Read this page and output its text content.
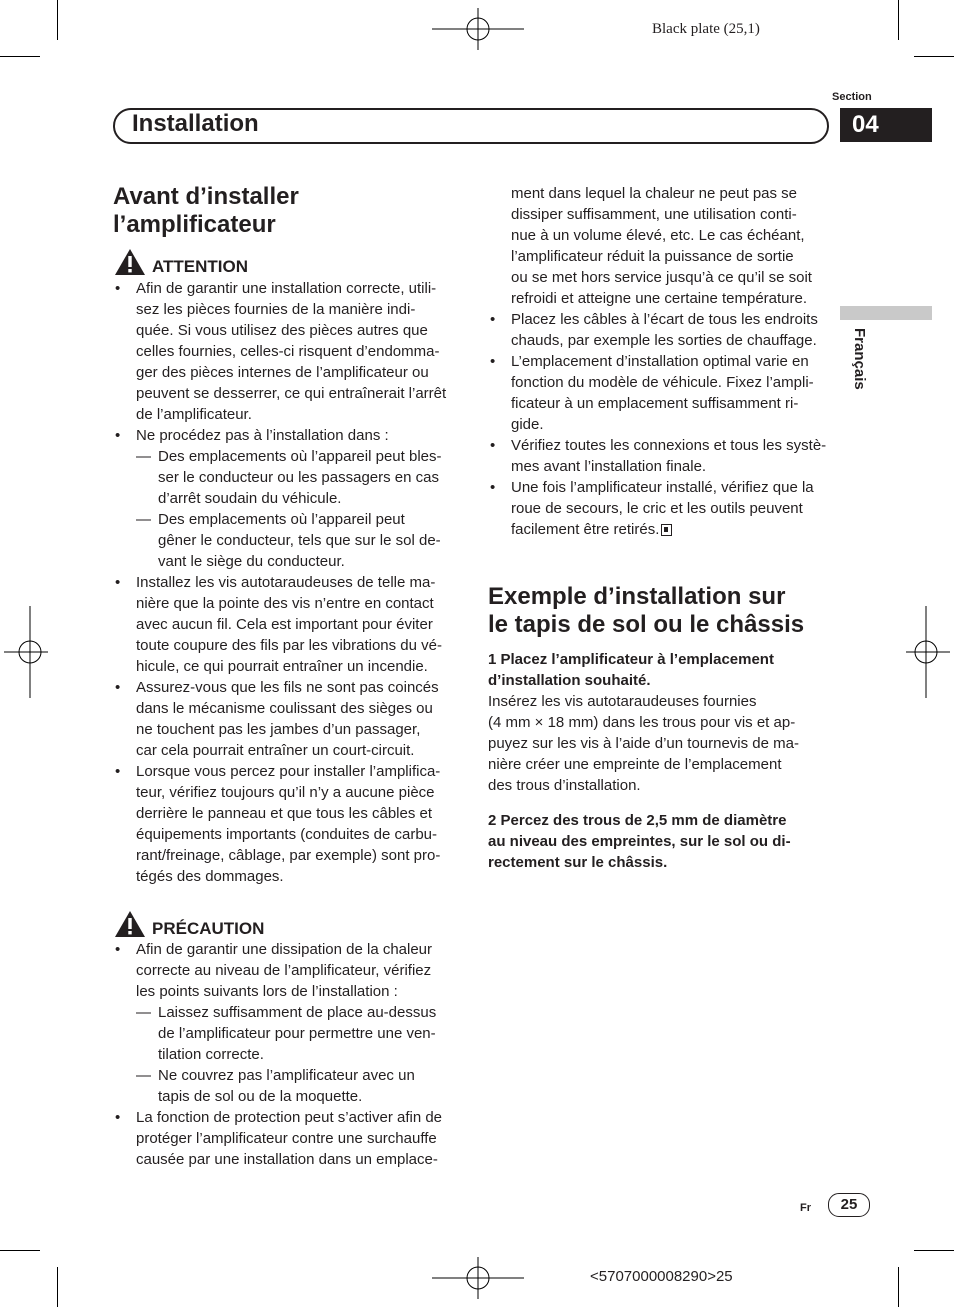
Black plate (25,1)
Section
Installation	04
Français
Avant d’installer
l’amplificateur
ATTENTION
• Afin de garantir une installation correcte, utili-
sez les pièces fournies de la manière indi-
quée. Si vous utilisez des pièces autres que
celles fournies, celles-ci risquent d’endomma-
ger des pièces internes de l’amplificateur ou
peuvent se desserrer, ce qui entraînerait l’arrêt
de l’amplificateur.
• Ne procédez pas à l’installation dans :
— Des emplacements où l’appareil peut bles-
ser le conducteur ou les passagers en cas
d’arrêt soudain du véhicule.
— Des emplacements où l’appareil peut
gêner le conducteur, tels que sur le sol de-
vant le siège du conducteur.
• Installez les vis autotaraudeuses de telle ma-
nière que la pointe des vis n’entre en contact
avec aucun fil. Cela est important pour éviter
toute coupure des fils par les vibrations du vé-
hicule, ce qui pourrait entraîner un incendie.
• Assurez-vous que les fils ne sont pas coincés
dans le mécanisme coulissant des sièges ou
ne touchent pas les jambes d’un passager,
car cela pourrait entraîner un court-circuit.
• Lorsque vous percez pour installer l’amplifica-
teur, vérifiez toujours qu’il n’y a aucune pièce
derrière le panneau et que tous les câbles et
équipements importants (conduites de carbu-
rant/freinage, câblage, par exemple) sont pro-
tégés des dommages.
PRÉCAUTION
• Afin de garantir une dissipation de la chaleur
correcte au niveau de l’amplificateur, vérifiez
les points suivants lors de l’installation :
— Laissez suffisamment de place au-dessus
de l’amplificateur pour permettre une ven-
tilation correcte.
— Ne couvrez pas l’amplificateur avec un
tapis de sol ou de la moquette.
• La fonction de protection peut s’activer afin de
protéger l’amplificateur contre une surchauffe
causée par une installation dans un emplace-

ment dans lequel la chaleur ne peut pas se
dissiper suffisamment, une utilisation conti-
nue à un volume élevé, etc. Le cas échéant,
l’amplificateur réduit la puissance de sortie
ou se met hors service jusqu’à ce qu’il se soit
refroidi et atteigne une certaine température.

• Placez les câbles à l’écart de tous les endroits
chauds, par exemple les sorties de chauffage.
• L’emplacement d’installation optimal varie en
fonction du modèle de véhicule. Fixez l’ampli-
ficateur à un emplacement suffisamment ri-
gide.
• Vérifiez toutes les connexions et tous les systè-
mes avant l’installation finale.
• Une fois l’amplificateur installé, vérifiez que la
roue de secours, le cric et les outils peuvent
facilement être retirés.
Exemple d’installation sur
le tapis de sol ou le châssis

1 Placez l’amplificateur à l’emplacement
d’installation souhaité.

Insérez les vis autotaraudeuses fournies
(4 mm × 18 mm) dans les trous pour vis et ap-
puyez sur les vis à l’aide d’un tournevis de ma-
nière créer une empreinte de l’emplacement
des trous d’installation.

2 Percez des trous de 2,5 mm de diamètre
au niveau des empreintes, sur le sol ou di-
rectement sur le châssis.

Fr	25
<5707000008290>25
